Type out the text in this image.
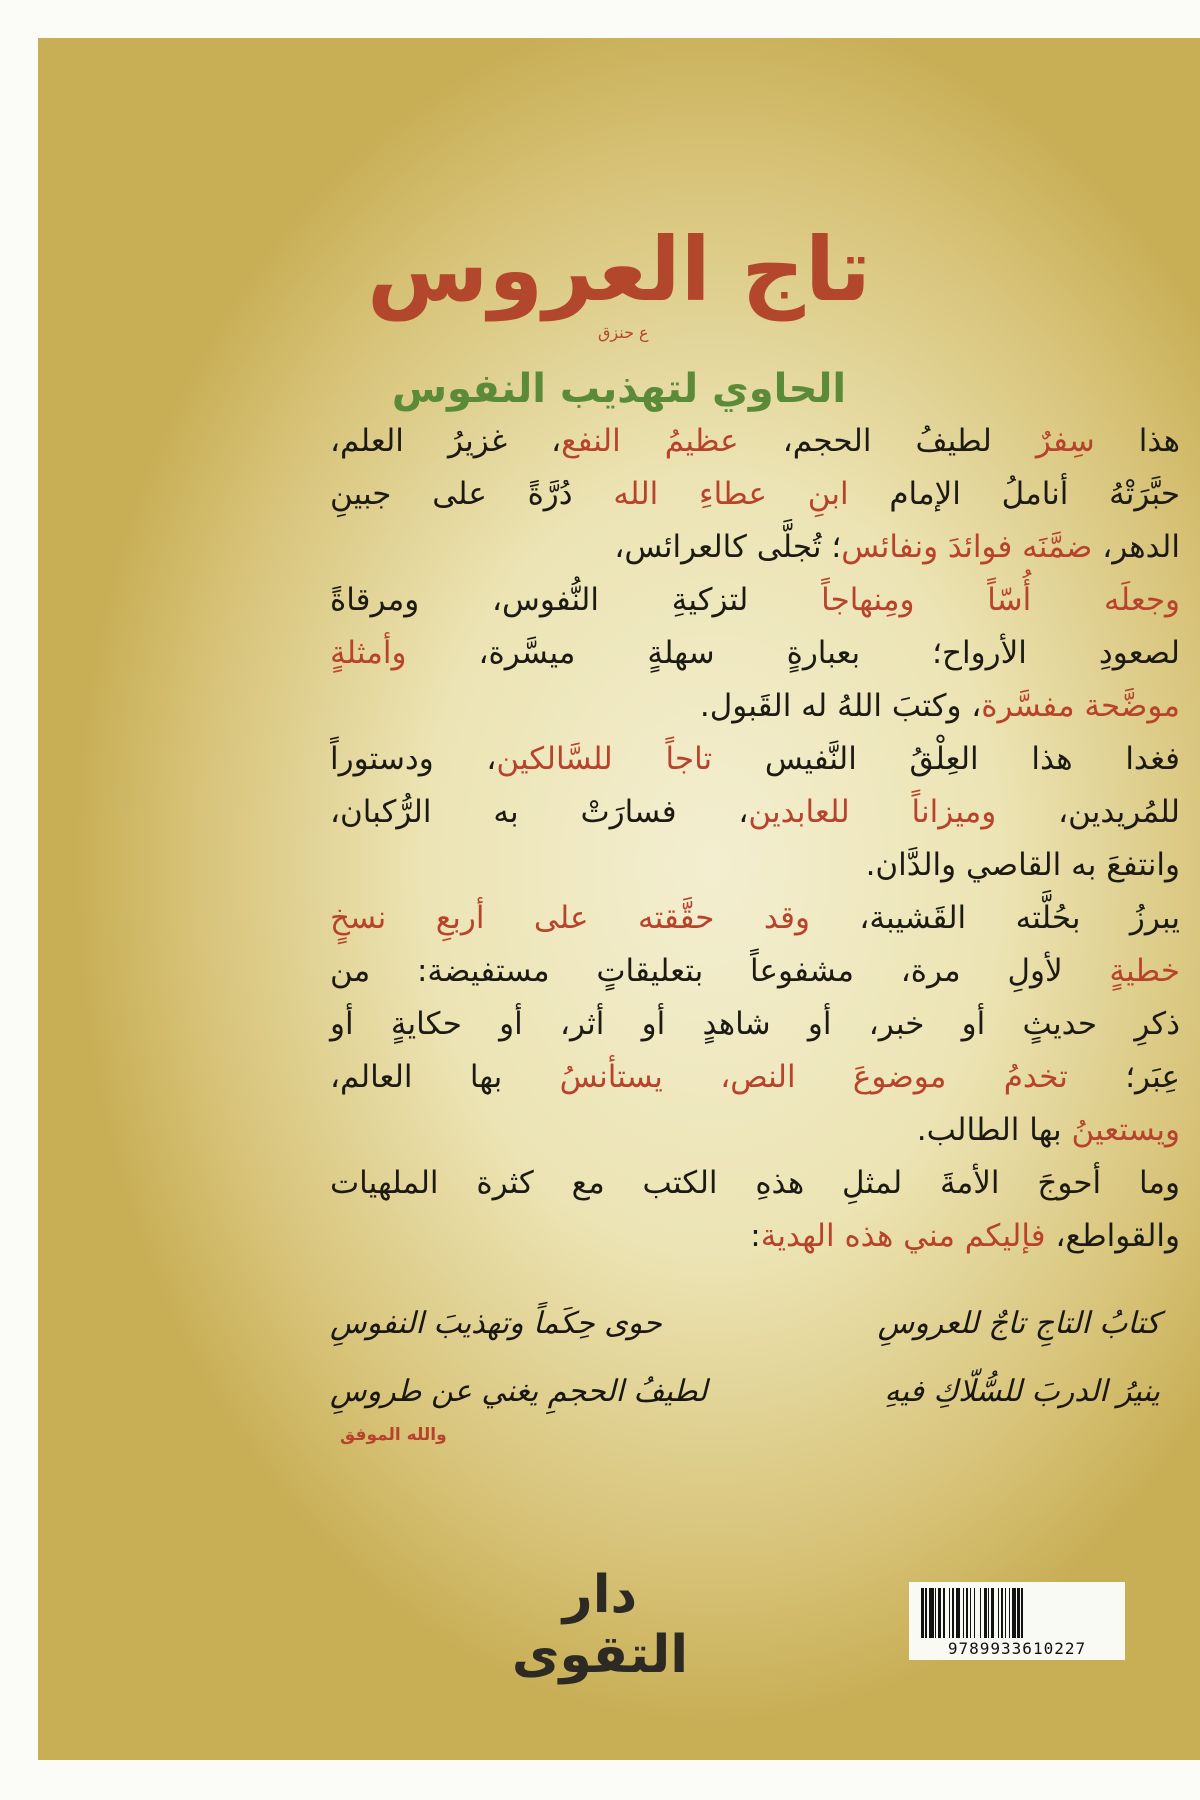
تاج العروس
ع حنزق
الحاوي لتهذيب النفوس
هذا سِفرٌ لطيفُ الحجم، عظيمُ النفع، غزيرُ العلم،
حبَّرَتْهُ أناملُ الإمام ابنِ عطاءِ الله دُرَّةً على جبينِ
الدهر، ضمَّنَه فوائدَ ونفائس؛ تُجلَّى كالعرائس،
وجعلَه أُسّاً ومِنهاجاً لتزكيةِ النُّفوس، ومرقاةً
لصعودِ الأرواح؛ بعبارةٍ سهلةٍ ميسَّرة، وأمثلةٍ
موضَّحة مفسَّرة، وكتبَ اللهُ له القَبول.
فغدا هذا العِلْقُ النَّفيس تاجاً للسَّالكين، ودستوراً
للمُريدين، وميزاناً للعابدين، فسارَتْ به الرُّكبان،
وانتفعَ به القاصي والدَّان.
يبرزُ بحُلَّته القَشيبة، وقد حقَّقته على أربعِ نسخٍ
خطيةٍ لأولِ مرة، مشفوعاً بتعليقاتٍ مستفيضة: من
ذكرِ حديثٍ أو خبر، أو شاهدٍ أو أثر، أو حكايةٍ أو
عِبَر؛ تخدمُ موضوعَ النص، يستأنسُ بها العالم،
ويستعينُ بها الطالب.
وما أحوجَ الأمةَ لمثلِ هذهِ الكتب مع كثرة الملهيات
والقواطع، فإليكم مني هذه الهدية:
كتابُ التاجِ تاجٌ للعروسِ
حوى حِكَماً وتهذيبَ النفوسِ
ينيرُ الدربَ للسُّلّاكِ فيهِ
لطيفُ الحجمِ يغني عن طروسِ
والله الموفق
دار التقوى	9789933610227
